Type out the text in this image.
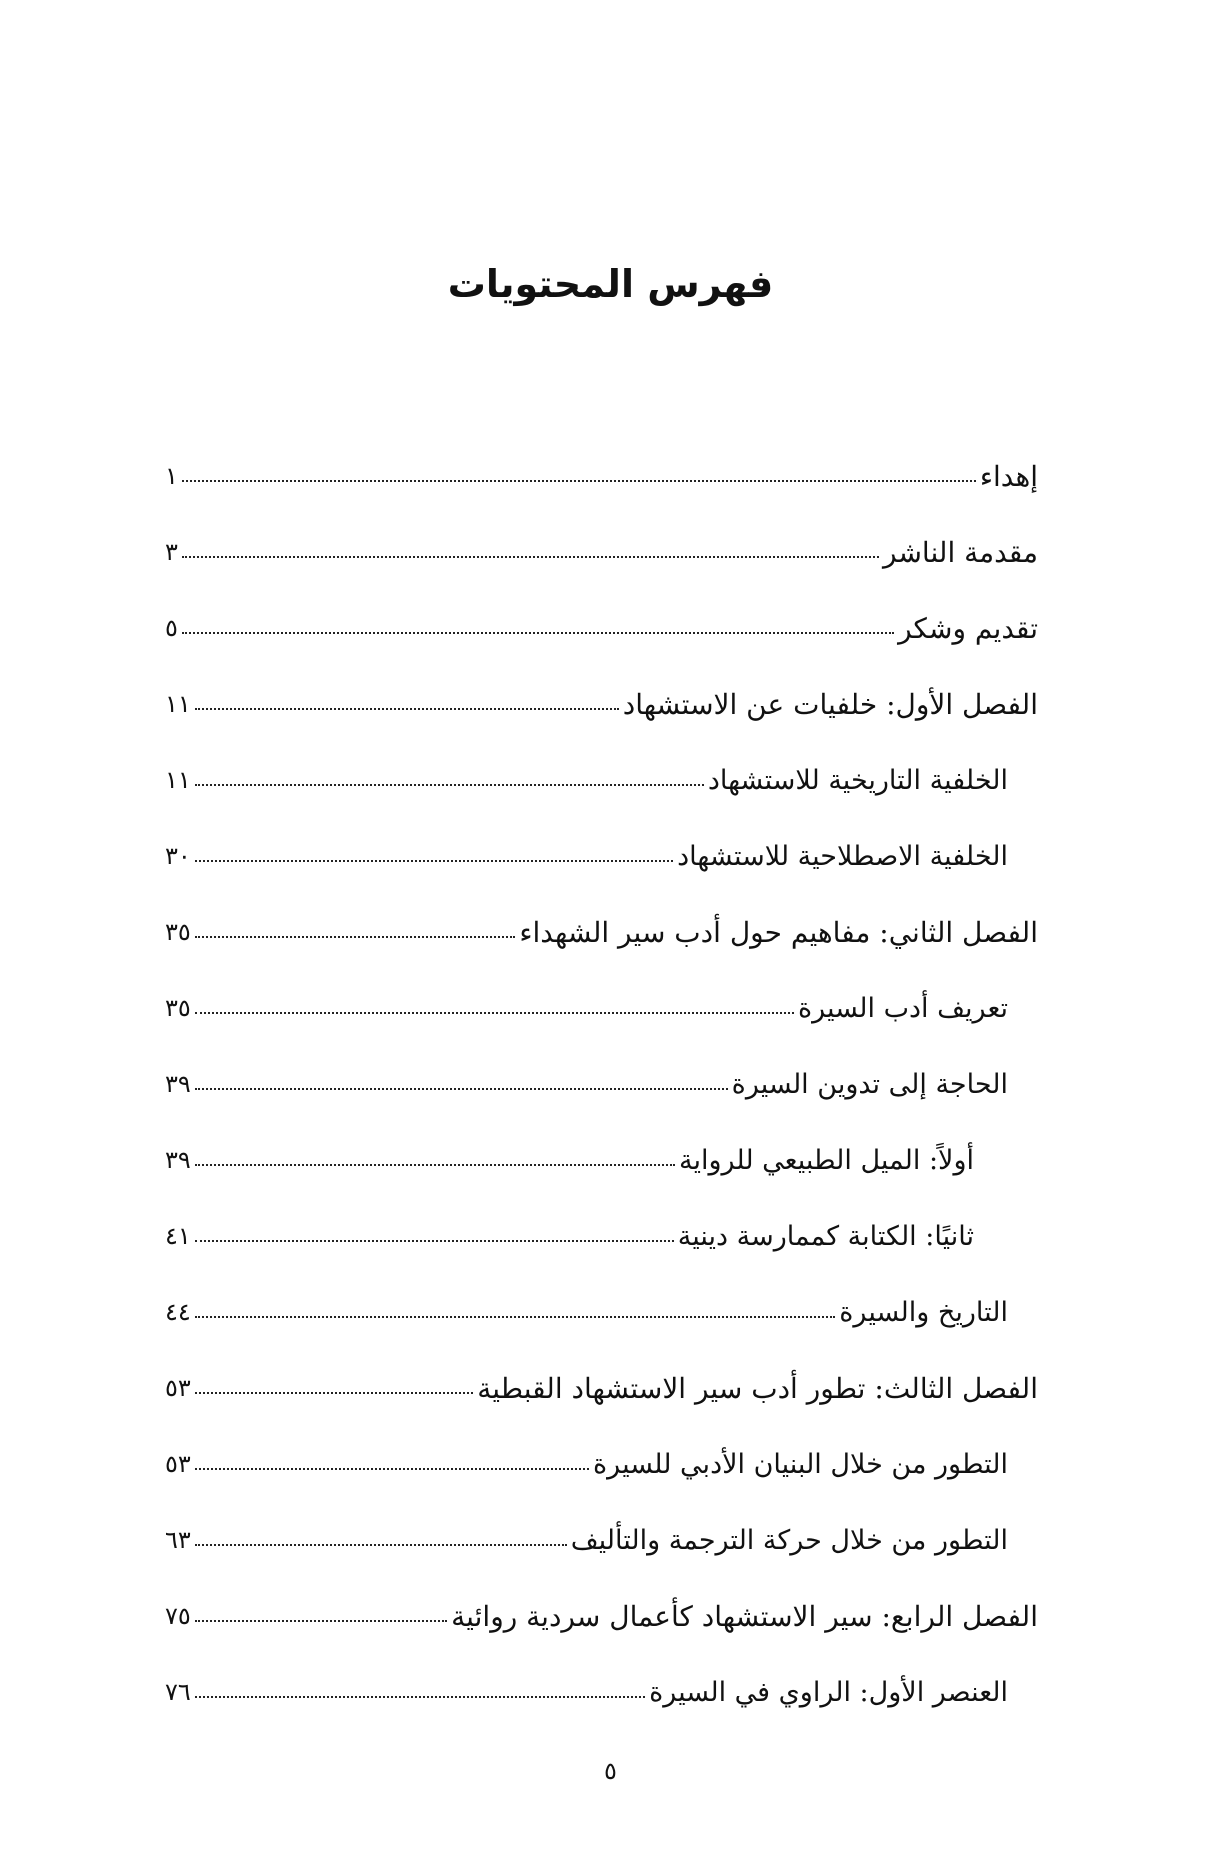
فهرس المحتويات
إهداء
١
مقدمة الناشر
٣
تقديم وشكر
٥
الفصل الأول: خلفيات عن الاستشهاد
١١
الخلفية التاريخية للاستشهاد
١١
الخلفية الاصطلاحية للاستشهاد
٣٠
الفصل الثاني: مفاهيم حول أدب سير الشهداء
٣٥
تعريف أدب السيرة
٣٥
الحاجة إلى تدوين السيرة
٣٩
أولاً: الميل الطبيعي للرواية
٣٩
ثانيًا: الكتابة كممارسة دينية
٤١
التاريخ والسيرة
٤٤
الفصل الثالث: تطور أدب سير الاستشهاد القبطية
٥٣
التطور من خلال البنيان الأدبي للسيرة
٥٣
التطور من خلال حركة الترجمة والتأليف
٦٣
الفصل الرابع: سير الاستشهاد كأعمال سردية روائية
٧٥
العنصر الأول: الراوي في السيرة
٧٦
٥
